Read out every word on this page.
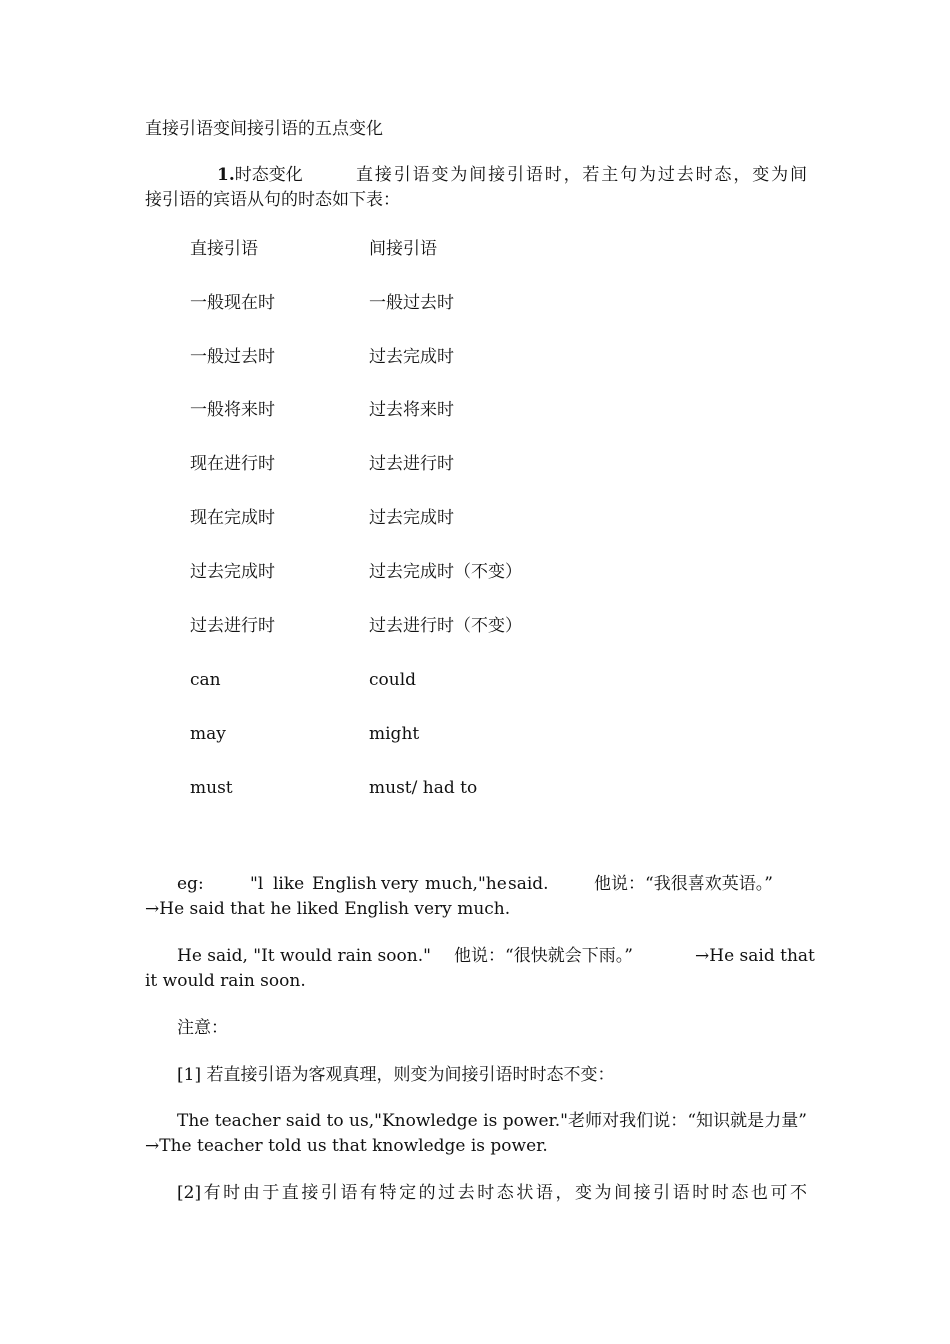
直接引语变间接引语的五点变化
1.时态变化	直接引语变为间接引语时，若主句为过去时态，变为间
接引语的宾语从句的时态如下表：
直接引语	间接引语
一般现在时	一般过去时
一般过去时	过去完成时
一般将来时	过去将来时
现在进行时	过去进行时
现在完成时	过去完成时
过去完成时	过去完成时（不变）
过去进行时	过去进行时（不变）
can	could
may	might
must	must/ had to
eg:	"l like English very much,"he said.	他说：“我很喜欢英语。”
→He said that he liked English very much.
He said, "It would rain soon." 他说：“很快就会下雨。”	→He said that
it would rain soon.
注意：
[1] 若直接引语为客观真理，则变为间接引语时时态不变：
The teacher said to us,"Knowledge is power."老师对我们说：“知识就是力量”
→The teacher told us that knowledge is power.
[2]有时由于直接引语有特定的过去时态状语，变为间接引语时时态也可不
